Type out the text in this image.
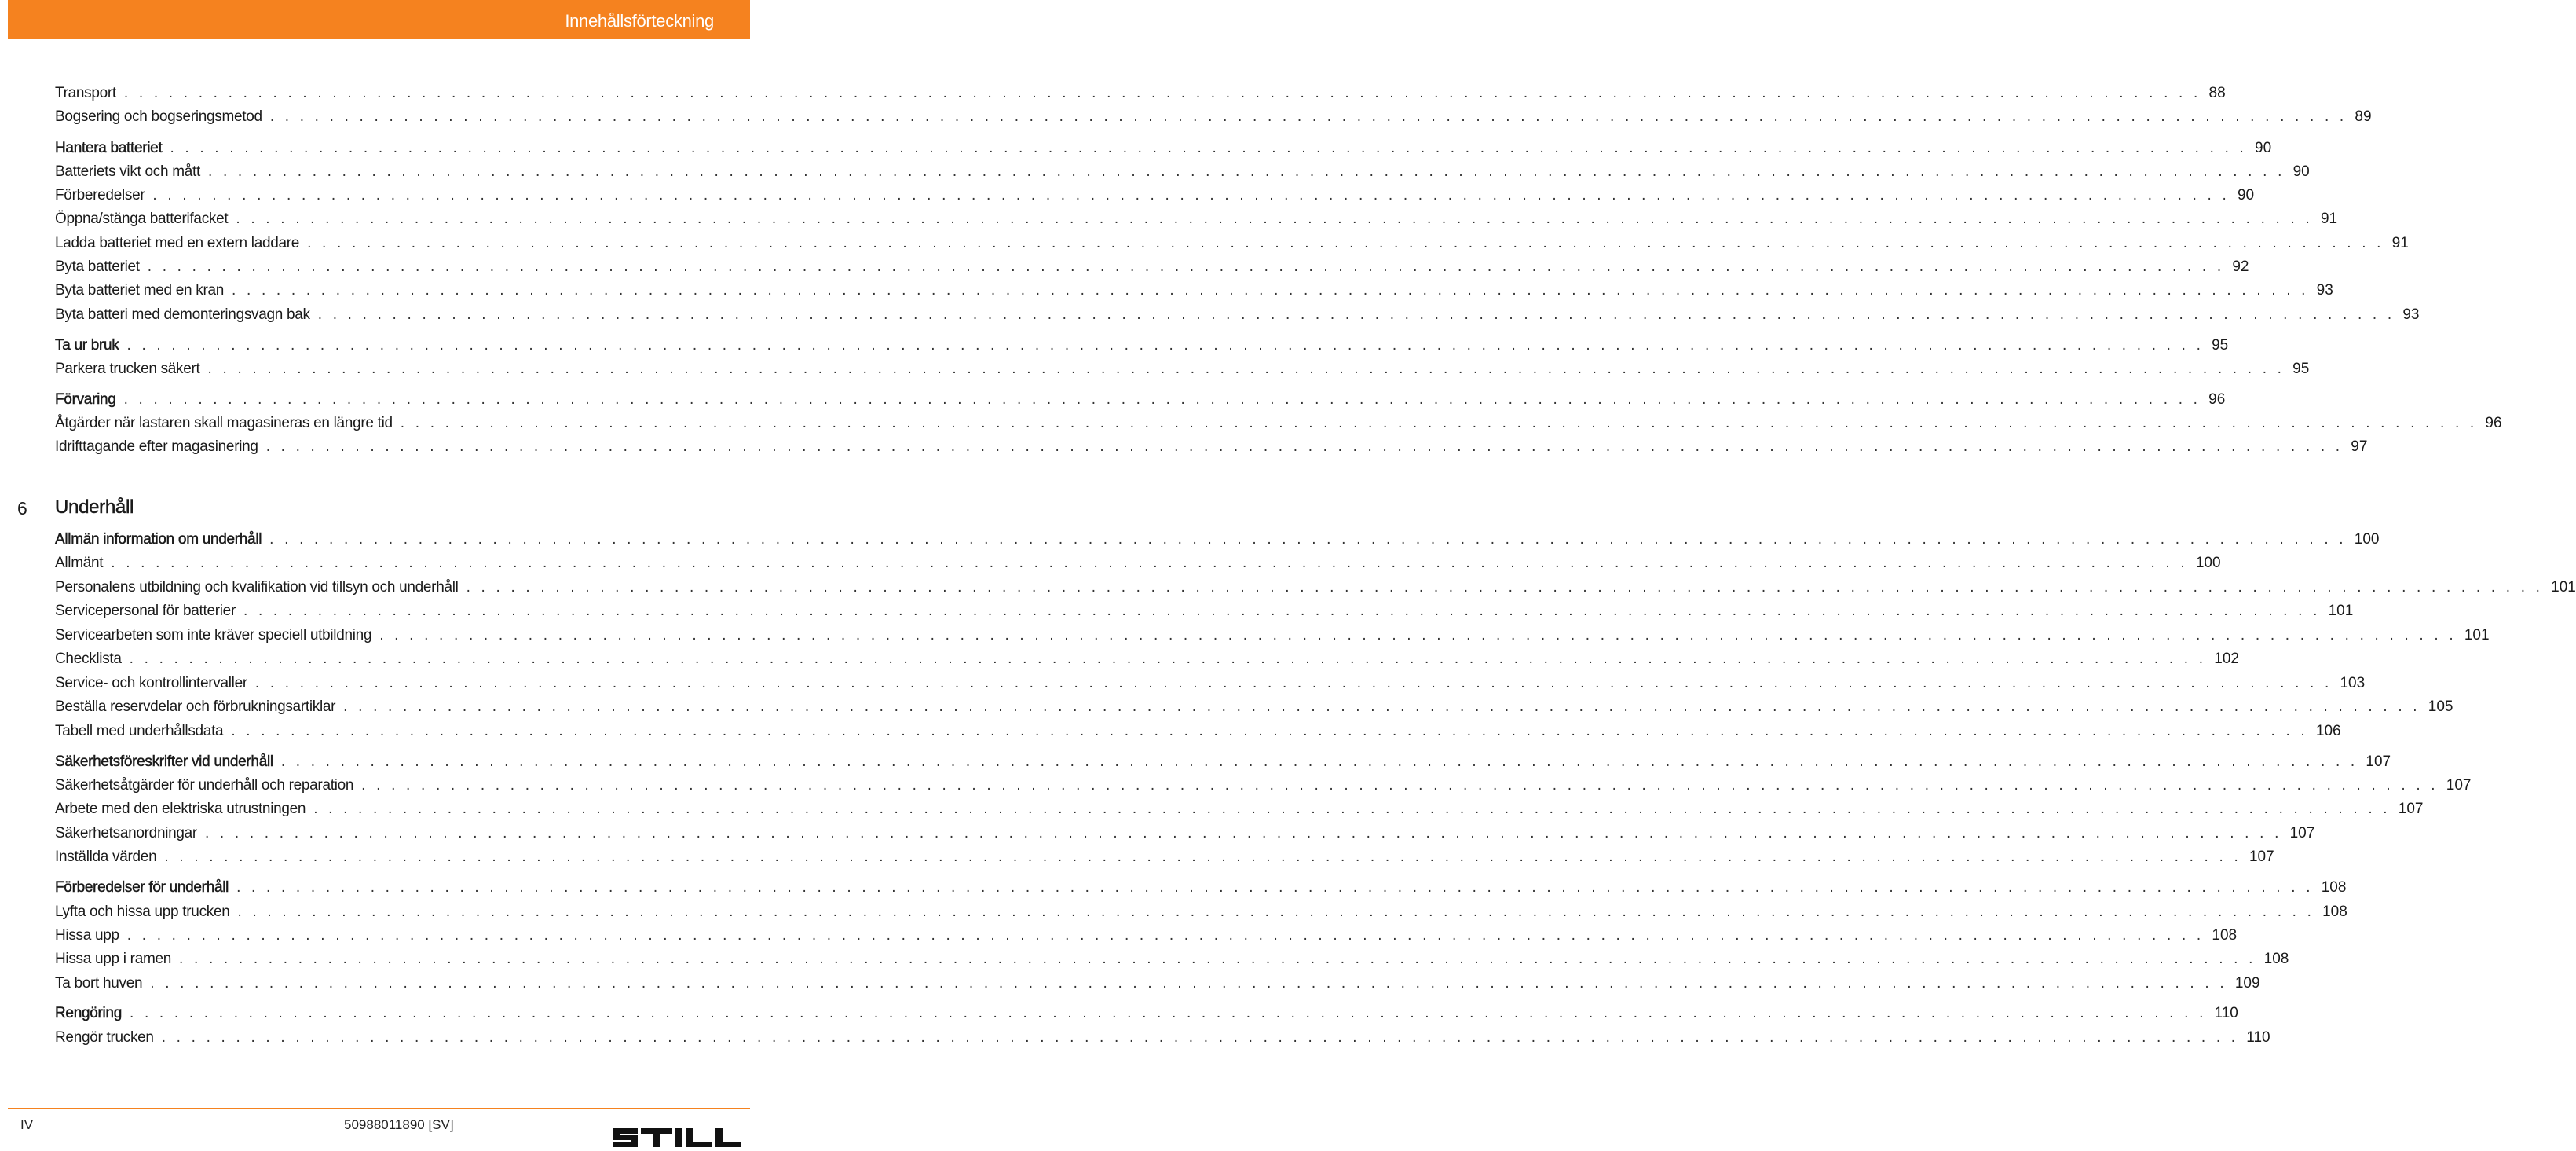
Innehållsförteckning
Transport . . . . . . . . . . . . . . . . . . . . . . . . . . . . . . . . . . . . . . . . . . . . . . . . . . . . . . . . . . . . . . . . . . . . . . . . . . . . . . . . . . . . . . . . . . . . . . . . . . . . . . . . . . . . . . . . . . . . . . . . . . . . . . . . . . . . . . . . . . . . 88
Bogsering och bogseringsmetod . . . . . . . . . . . . . . . . . . . . . . . . . . . . . . . . . . . . . . . . . . . . . . . . . . . . . . . . . . . . . . . . . . . . . . . . . . . . . . . . . . . . . . . . . . . . . . . . . . . . . . . . . . . . . . . . . . . . . . . . . . . . . . . . . . . . . . . . . . . . 89
Hantera batteriet . . . . . . . . . . . . . . . . . . . . . . . . . . . . . . . . . . . . . . . . . . . . . . . . . . . . . . . . . . . . . . . . . . . . . . . . . . . . . . . . . . . . . . . . . . . . . . . . . . . . . . . . . . . . . . . . . . . . . . . . . . . . . . . . . . . . . . . . . . . . 90
Batteriets vikt och mått . . . . . . . . . . . . . . . . . . . . . . . . . . . . . . . . . . . . . . . . . . . . . . . . . . . . . . . . . . . . . . . . . . . . . . . . . . . . . . . . . . . . . . . . . . . . . . . . . . . . . . . . . . . . . . . . . . . . . . . . . . . . . . . . . . . . . . . . . . . . 90
Förberedelser . . . . . . . . . . . . . . . . . . . . . . . . . . . . . . . . . . . . . . . . . . . . . . . . . . . . . . . . . . . . . . . . . . . . . . . . . . . . . . . . . . . . . . . . . . . . . . . . . . . . . . . . . . . . . . . . . . . . . . . . . . . . . . . . . . . . . . . . . . . . 90
Öppna/stänga batterifacket . . . . . . . . . . . . . . . . . . . . . . . . . . . . . . . . . . . . . . . . . . . . . . . . . . . . . . . . . . . . . . . . . . . . . . . . . . . . . . . . . . . . . . . . . . . . . . . . . . . . . . . . . . . . . . . . . . . . . . . . . . . . . . . . . . . . . . . . . . . . 91
Ladda batteriet med en extern laddare . . . . . . . . . . . . . . . . . . . . . . . . . . . . . . . . . . . . . . . . . . . . . . . . . . . . . . . . . . . . . . . . . . . . . . . . . . . . . . . . . . . . . . . . . . . . . . . . . . . . . . . . . . . . . . . . . . . . . . . . . . . . . . . . . . . . . . . . . . . . 91
Byta batteriet . . . . . . . . . . . . . . . . . . . . . . . . . . . . . . . . . . . . . . . . . . . . . . . . . . . . . . . . . . . . . . . . . . . . . . . . . . . . . . . . . . . . . . . . . . . . . . . . . . . . . . . . . . . . . . . . . . . . . . . . . . . . . . . . . . . . . . . . . . . . 92
Byta batteriet med en kran . . . . . . . . . . . . . . . . . . . . . . . . . . . . . . . . . . . . . . . . . . . . . . . . . . . . . . . . . . . . . . . . . . . . . . . . . . . . . . . . . . . . . . . . . . . . . . . . . . . . . . . . . . . . . . . . . . . . . . . . . . . . . . . . . . . . . . . . . . . . 93
Byta batteri med demonteringsvagn bak . . . . . . . . . . . . . . . . . . . . . . . . . . . . . . . . . . . . . . . . . . . . . . . . . . . . . . . . . . . . . . . . . . . . . . . . . . . . . . . . . . . . . . . . . . . . . . . . . . . . . . . . . . . . . . . . . . . . . . . . . . . . . . . . . . . . . . . . . . . . 93
Ta ur bruk . . . . . . . . . . . . . . . . . . . . . . . . . . . . . . . . . . . . . . . . . . . . . . . . . . . . . . . . . . . . . . . . . . . . . . . . . . . . . . . . . . . . . . . . . . . . . . . . . . . . . . . . . . . . . . . . . . . . . . . . . . . . . . . . . . . . . . . . . . . . 95
Parkera trucken säkert . . . . . . . . . . . . . . . . . . . . . . . . . . . . . . . . . . . . . . . . . . . . . . . . . . . . . . . . . . . . . . . . . . . . . . . . . . . . . . . . . . . . . . . . . . . . . . . . . . . . . . . . . . . . . . . . . . . . . . . . . . . . . . . . . . . . . . . . . . . . 95
Förvaring . . . . . . . . . . . . . . . . . . . . . . . . . . . . . . . . . . . . . . . . . . . . . . . . . . . . . . . . . . . . . . . . . . . . . . . . . . . . . . . . . . . . . . . . . . . . . . . . . . . . . . . . . . . . . . . . . . . . . . . . . . . . . . . . . . . . . . . . . . . . 96
Åtgärder när lastaren skall magasineras en längre tid . . . . . . . . . . . . . . . . . . . . . . . . . . . . . . . . . . . . . . . . . . . . . . . . . . . . . . . . . . . . . . . . . . . . . . . . . . . . . . . . . . . . . . . . . . . . . . . . . . . . . . . . . . . . . . . . . . . . . . . . . . . . . . . . . . . . . . . . . . . . 96
Idrifttagande efter magasinering . . . . . . . . . . . . . . . . . . . . . . . . . . . . . . . . . . . . . . . . . . . . . . . . . . . . . . . . . . . . . . . . . . . . . . . . . . . . . . . . . . . . . . . . . . . . . . . . . . . . . . . . . . . . . . . . . . . . . . . . . . . . . . . . . . . . . . . . . . . . 97
Allmän information om underhåll . . . . . . . . . . . . . . . . . . . . . . . . . . . . . . . . . . . . . . . . . . . . . . . . . . . . . . . . . . . . . . . . . . . . . . . . . . . . . . . . . . . . . . . . . . . . . . . . . . . . . . . . . . . . . . . . . . . . . . . . . . . . . . . . . . . . . . . . . . . . 100
Allmänt . . . . . . . . . . . . . . . . . . . . . . . . . . . . . . . . . . . . . . . . . . . . . . . . . . . . . . . . . . . . . . . . . . . . . . . . . . . . . . . . . . . . . . . . . . . . . . . . . . . . . . . . . . . . . . . . . . . . . . . . . . . . . . . . . . . . . . . . . . . . 100
Personalens utbildning och kvalifikation vid tillsyn och underhåll . . . . . . . . . . . . . . . . . . . . . . . . . . . . . . . . . . . . . . . . . . . . . . . . . . . . . . . . . . . . . . . . . . . . . . . . . . . . . . . . . . . . . . . . . . . . . . . . . . . . . . . . . . . . . . . . . . . . . . . . . . . . . . . . . . . . . . . . . . . . 101
Servicepersonal för batterier . . . . . . . . . . . . . . . . . . . . . . . . . . . . . . . . . . . . . . . . . . . . . . . . . . . . . . . . . . . . . . . . . . . . . . . . . . . . . . . . . . . . . . . . . . . . . . . . . . . . . . . . . . . . . . . . . . . . . . . . . . . . . . . . . . . . . . . . . . . . 101
Servicearbeten som inte kräver speciell utbildning . . . . . . . . . . . . . . . . . . . . . . . . . . . . . . . . . . . . . . . . . . . . . . . . . . . . . . . . . . . . . . . . . . . . . . . . . . . . . . . . . . . . . . . . . . . . . . . . . . . . . . . . . . . . . . . . . . . . . . . . . . . . . . . . . . . . . . . . . . . . 101
Checklista . . . . . . . . . . . . . . . . . . . . . . . . . . . . . . . . . . . . . . . . . . . . . . . . . . . . . . . . . . . . . . . . . . . . . . . . . . . . . . . . . . . . . . . . . . . . . . . . . . . . . . . . . . . . . . . . . . . . . . . . . . . . . . . . . . . . . . . . . . . . 102
Service- och kontrollintervaller . . . . . . . . . . . . . . . . . . . . . . . . . . . . . . . . . . . . . . . . . . . . . . . . . . . . . . . . . . . . . . . . . . . . . . . . . . . . . . . . . . . . . . . . . . . . . . . . . . . . . . . . . . . . . . . . . . . . . . . . . . . . . . . . . . . . . . . . . . . . 103
Beställa reservdelar och förbrukningsartiklar . . . . . . . . . . . . . . . . . . . . . . . . . . . . . . . . . . . . . . . . . . . . . . . . . . . . . . . . . . . . . . . . . . . . . . . . . . . . . . . . . . . . . . . . . . . . . . . . . . . . . . . . . . . . . . . . . . . . . . . . . . . . . . . . . . . . . . . . . . . . 105
Tabell med underhållsdata . . . . . . . . . . . . . . . . . . . . . . . . . . . . . . . . . . . . . . . . . . . . . . . . . . . . . . . . . . . . . . . . . . . . . . . . . . . . . . . . . . . . . . . . . . . . . . . . . . . . . . . . . . . . . . . . . . . . . . . . . . . . . . . . . . . . . . . . . . . . 106
Säkerhetsföreskrifter vid underhåll . . . . . . . . . . . . . . . . . . . . . . . . . . . . . . . . . . . . . . . . . . . . . . . . . . . . . . . . . . . . . . . . . . . . . . . . . . . . . . . . . . . . . . . . . . . . . . . . . . . . . . . . . . . . . . . . . . . . . . . . . . . . . . . . . . . . . . . . . . . . 107
Säkerhetsåtgärder för underhåll och reparation . . . . . . . . . . . . . . . . . . . . . . . . . . . . . . . . . . . . . . . . . . . . . . . . . . . . . . . . . . . . . . . . . . . . . . . . . . . . . . . . . . . . . . . . . . . . . . . . . . . . . . . . . . . . . . . . . . . . . . . . . . . . . . . . . . . . . . . . . . . . 107
Arbete med den elektriska utrustningen . . . . . . . . . . . . . . . . . . . . . . . . . . . . . . . . . . . . . . . . . . . . . . . . . . . . . . . . . . . . . . . . . . . . . . . . . . . . . . . . . . . . . . . . . . . . . . . . . . . . . . . . . . . . . . . . . . . . . . . . . . . . . . . . . . . . . . . . . . . . 107
Säkerhetsanordningar . . . . . . . . . . . . . . . . . . . . . . . . . . . . . . . . . . . . . . . . . . . . . . . . . . . . . . . . . . . . . . . . . . . . . . . . . . . . . . . . . . . . . . . . . . . . . . . . . . . . . . . . . . . . . . . . . . . . . . . . . . . . . . . . . . . . . . . . . . . . 107
Inställda värden . . . . . . . . . . . . . . . . . . . . . . . . . . . . . . . . . . . . . . . . . . . . . . . . . . . . . . . . . . . . . . . . . . . . . . . . . . . . . . . . . . . . . . . . . . . . . . . . . . . . . . . . . . . . . . . . . . . . . . . . . . . . . . . . . . . . . . . . . . . . 107
Förberedelser för underhåll . . . . . . . . . . . . . . . . . . . . . . . . . . . . . . . . . . . . . . . . . . . . . . . . . . . . . . . . . . . . . . . . . . . . . . . . . . . . . . . . . . . . . . . . . . . . . . . . . . . . . . . . . . . . . . . . . . . . . . . . . . . . . . . . . . . . . . . . . . . . 108
Lyfta och hissa upp trucken . . . . . . . . . . . . . . . . . . . . . . . . . . . . . . . . . . . . . . . . . . . . . . . . . . . . . . . . . . . . . . . . . . . . . . . . . . . . . . . . . . . . . . . . . . . . . . . . . . . . . . . . . . . . . . . . . . . . . . . . . . . . . . . . . . . . . . . . . . . . 108
Hissa upp . . . . . . . . . . . . . . . . . . . . . . . . . . . . . . . . . . . . . . . . . . . . . . . . . . . . . . . . . . . . . . . . . . . . . . . . . . . . . . . . . . . . . . . . . . . . . . . . . . . . . . . . . . . . . . . . . . . . . . . . . . . . . . . . . . . . . . . . . . . . 108
Hissa upp i ramen . . . . . . . . . . . . . . . . . . . . . . . . . . . . . . . . . . . . . . . . . . . . . . . . . . . . . . . . . . . . . . . . . . . . . . . . . . . . . . . . . . . . . . . . . . . . . . . . . . . . . . . . . . . . . . . . . . . . . . . . . . . . . . . . . . . . . . . . . . . . 108
Ta bort huven . . . . . . . . . . . . . . . . . . . . . . . . . . . . . . . . . . . . . . . . . . . . . . . . . . . . . . . . . . . . . . . . . . . . . . . . . . . . . . . . . . . . . . . . . . . . . . . . . . . . . . . . . . . . . . . . . . . . . . . . . . . . . . . . . . . . . . . . . . . . 109
Rengöring . . . . . . . . . . . . . . . . . . . . . . . . . . . . . . . . . . . . . . . . . . . . . . . . . . . . . . . . . . . . . . . . . . . . . . . . . . . . . . . . . . . . . . . . . . . . . . . . . . . . . . . . . . . . . . . . . . . . . . . . . . . . . . . . . . . . . . . . . . . . 110
Rengör trucken . . . . . . . . . . . . . . . . . . . . . . . . . . . . . . . . . . . . . . . . . . . . . . . . . . . . . . . . . . . . . . . . . . . . . . . . . . . . . . . . . . . . . . . . . . . . . . . . . . . . . . . . . . . . . . . . . . . . . . . . . . . . . . . . . . . . . . . . . . . . 110
6 Underhåll
IV	50988011890 [SV]
